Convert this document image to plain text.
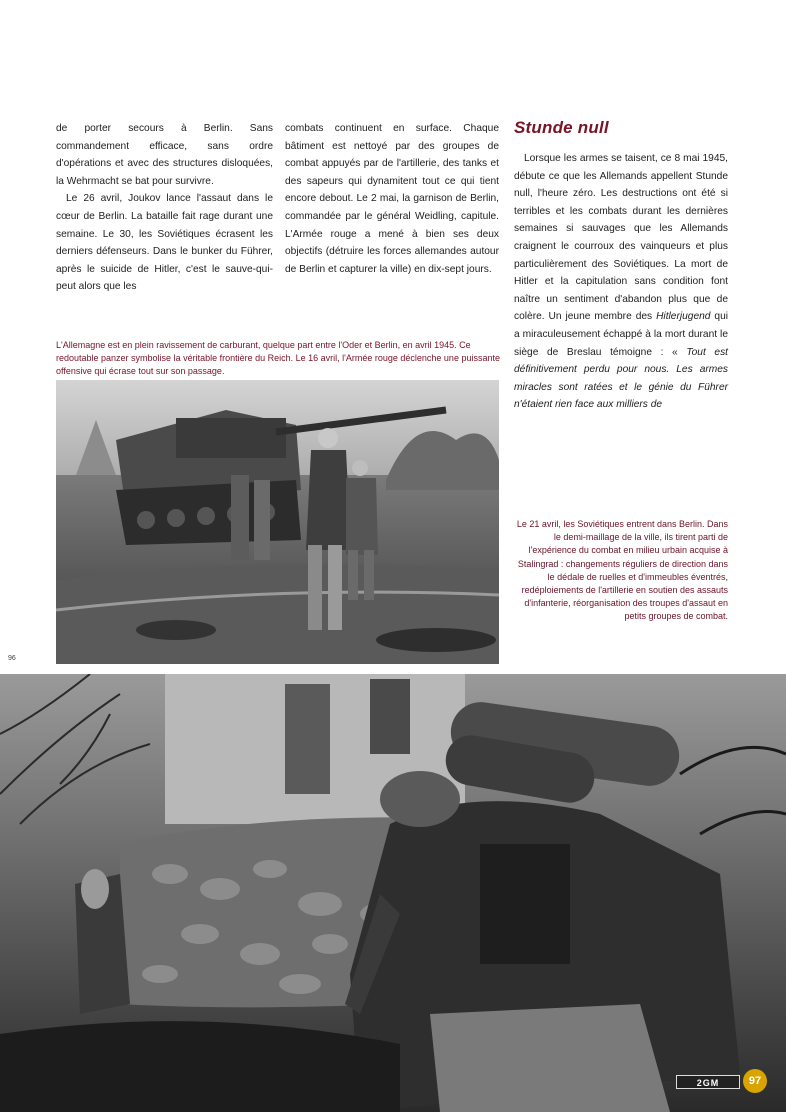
de porter secours à Berlin. Sans commandement efficace, sans ordre d'opérations et avec des structures disloquées, la Wehrmacht se bat pour survivre.

Le 26 avril, Joukov lance l'assaut dans le cœur de Berlin. La bataille fait rage durant une semaine. Le 30, les Soviétiques écrasent les derniers défenseurs. Dans le bunker du Führer, après le suicide de Hitler, c'est le sauve-qui-peut alors que les

combats continuent en surface. Chaque bâtiment est nettoyé par des groupes de combat appuyés par de l'artillerie, des tanks et des sapeurs qui dynamitent tout ce qui tient encore debout. Le 2 mai, la garnison de Berlin, commandée par le général Weidling, capitule. L'Armée rouge a mené à bien ses deux objectifs (détruire les forces allemandes autour de Berlin et capturer la ville) en dix-sept jours.

Stunde null

Lorsque les armes se taisent, ce 8 mai 1945, débute ce que les Allemands appellent Stunde null, l'heure zéro. Les destructions ont été si terribles et les combats durant les dernières semaines si sauvages que les Allemands craignent le courroux des vainqueurs et plus particulièrement des Soviétiques. La mort de Hitler et la capitulation sans condition font naître un sentiment d'abandon plus que de colère. Un jeune membre des Hitlerjugend qui a miraculeusement échappé à la mort durant le siège de Breslau témoigne : « Tout est définitivement perdu pour nous. Les armes miracles sont ratées et le génie du Führer n'étaient rien face aux milliers de

L'Allemagne est en plein ravissement de carburant, quelque part entre l'Oder et Berlin, en avril 1945. Ce redoutable panzer symbolise la véritable frontière du Reich. Le 16 avril, l'Armée rouge déclenche une puissante offensive qui écrase tout sur son passage.
Le 21 avril, les Soviétiques entrent dans Berlin. Dans le demi-maillage de la ville, ils tirent parti de l'expérience du combat en milieu urbain acquise à Stalingrad : changements réguliers de direction dans le dédale de ruelles et d'immeubles éventrés, redéploiements de l'artillerie en soutien des assauts d'infanterie, réorganisation des troupes d'assaut en petits groupes de combat.
96
2GM	97
